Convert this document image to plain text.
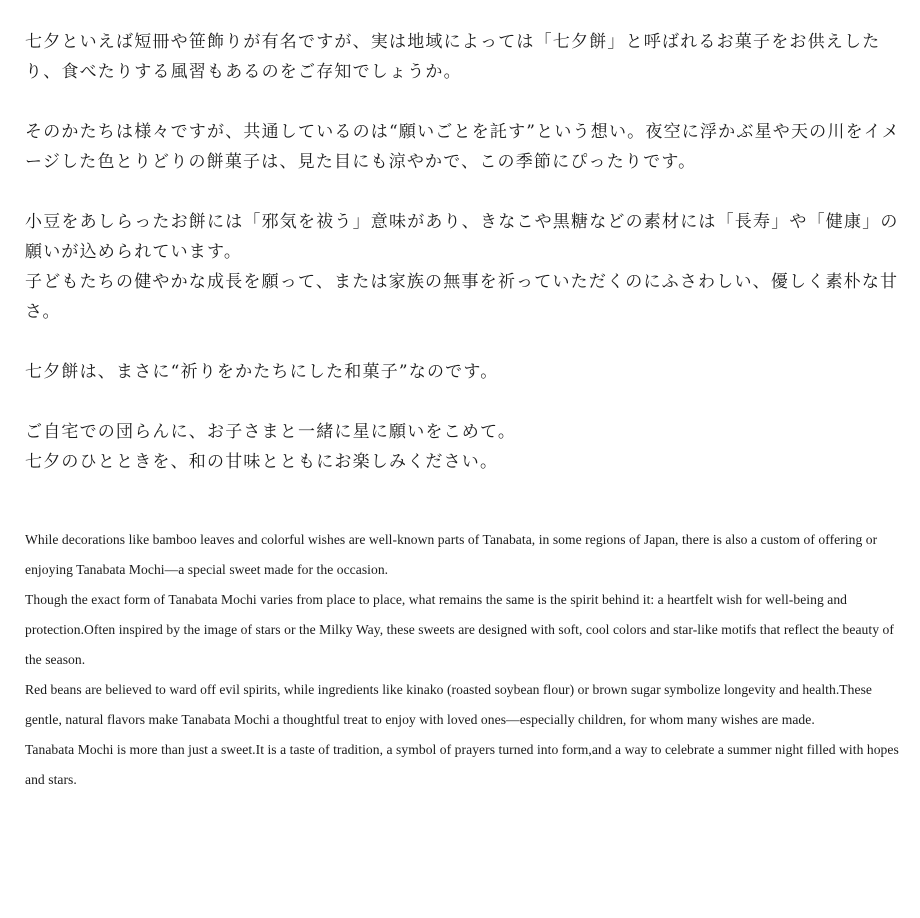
七夕といえば短冊や笹飾りが有名ですが、実は地域によっては「七夕餅」と呼ばれるお菓子をお供えしたり、食べたりする風習もあるのをご存知でしょうか。

そのかたちは様々ですが、共通しているのは“願いごとを託す”という想い。夜空に浮かぶ星や天の川をイメージした色とりどりの餅菓子は、見た目にも涼やかで、この季節にぴったりです。

小豆をあしらったお餅には「邪気を祓う」意味があり、きなこや黒糖などの素材には「長寿」や「健康」の願いが込められています。
子どもたちの健やかな成長を願って、または家族の無事を祈っていただくのにふさわしい、優しく素朴な甘さ。

七夕餅は、まさに“祈りをかたちにした和菓子”なのです。

ご自宅での団らんに、お子さまと一緒に星に願いをこめて。
七夕のひとときを、和の甘味とともにお楽しみください。

While decorations like bamboo leaves and colorful wishes are well-known parts of Tanabata, in some regions of Japan, there is also a custom of offering or enjoying Tanabata Mochi—a special sweet made for the occasion.

Though the exact form of Tanabata Mochi varies from place to place, what remains the same is the spirit behind it: a heartfelt wish for well-being and protection.Often inspired by the image of stars or the Milky Way, these sweets are designed with soft, cool colors and star-like motifs that reflect the beauty of the season.

Red beans are believed to ward off evil spirits, while ingredients like kinako (roasted soybean flour) or brown sugar symbolize longevity and health.These gentle, natural flavors make Tanabata Mochi a thoughtful treat to enjoy with loved ones—especially children, for whom many wishes are made.

Tanabata Mochi is more than just a sweet.It is a taste of tradition, a symbol of prayers turned into form,and a way to celebrate a summer night filled with hopes and stars.
